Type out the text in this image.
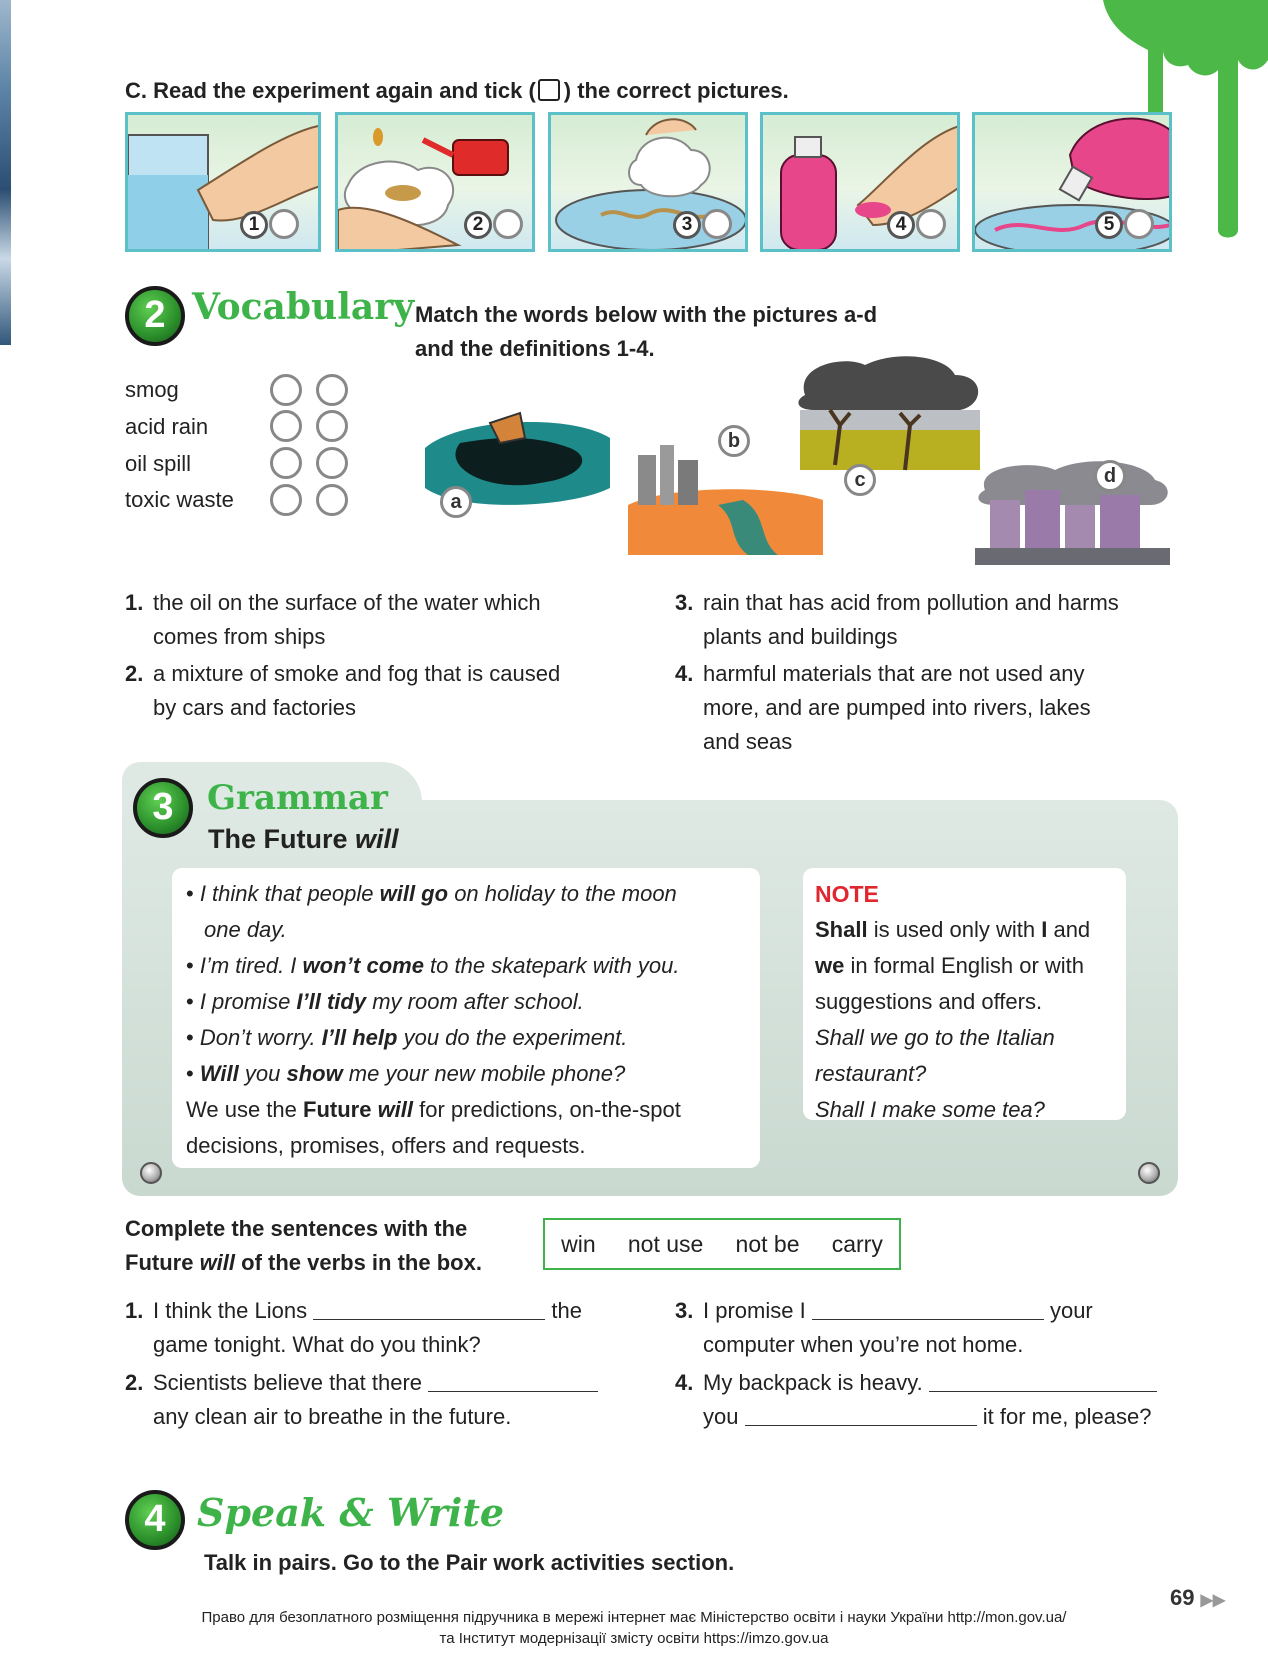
C. Read the experiment again and tick ( ) the correct pictures.
1	2	3	4	5
2 Vocabulary Match the words below with the pictures a-d
and the definitions 1-4.
smog
acid rain
oil spill
toxic waste	a
b
c	d
1. the oil on the surface of the water which
comes from ships
2. a mixture of smoke and fog that is caused
by cars and factories
3. rain that has acid from pollution and harms
plants and buildings
4. harmful materials that are not used any
more, and are pumped into rivers, lakes
and seas
3 Grammar
The Future will
• I think that people will go on holiday to the moon
one day.
• I’m tired. I won’t come to the skatepark with you.
• I promise I’ll tidy my room after school.
• Don’t worry. I’ll help you do the experiment.
• Will you show me your new mobile phone?
We use the Future will for predictions, on-the-spot
decisions, promises, offers and requests.
NOTE
Shall is used only with I and
we in formal English or with
suggestions and offers.
Shall we go to the Italian
restaurant?
Shall I make some tea?
Complete the sentences with the
Future will of the verbs in the box.
win not use not be carry
1. I think the Lions	the
game tonight. What do you think?
2. Scientists believe that there
any clean air to breathe in the future.
3. I promise I	your
computer when you’re not home.
4. My backpack is heavy.
you	it for me, please?
4 Speak & Write
Talk in pairs. Go to the Pair work activities section.
69 ▶▶
Право для безоплатного розміщення підручника в мережі інтернет має Міністерство освіти і науки України http://mon.gov.ua/
та Інститут модернізації змісту освіти https://imzo.gov.ua
